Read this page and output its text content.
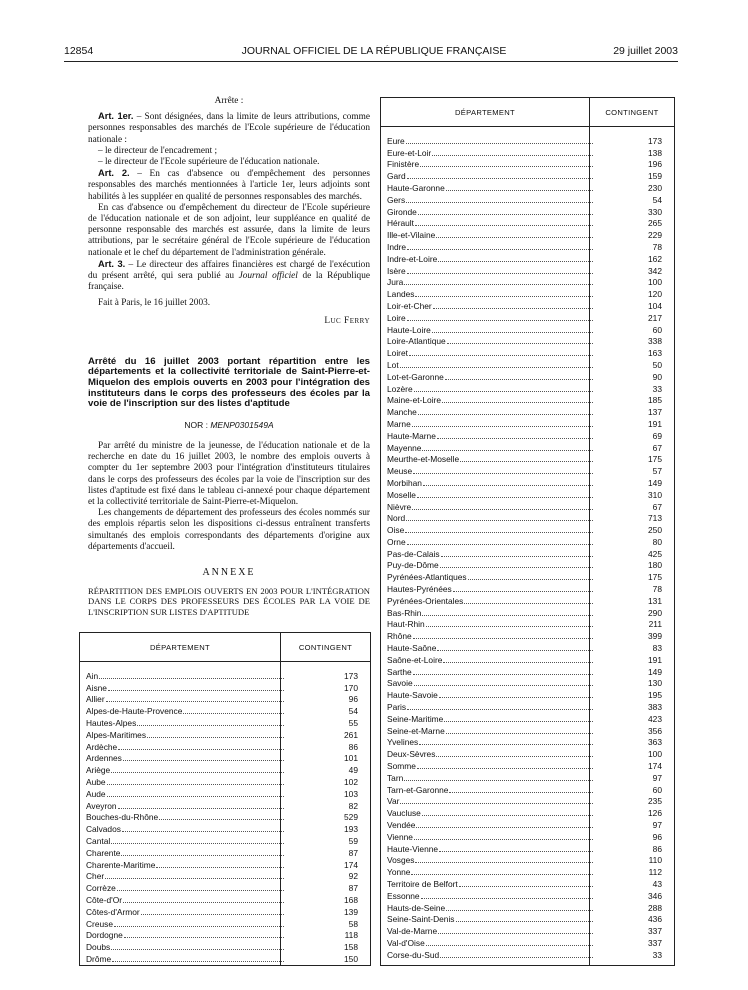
12854	JOURNAL OFFICIEL DE LA RÉPUBLIQUE FRANÇAISE	29 juillet 2003

Arrête :

Art. 1er. – Sont désignées, dans la limite de leurs attributions, comme personnes responsables des marchés de l'Ecole supérieure de l'éducation nationale :

– le directeur de l'encadrement ;

– le directeur de l'Ecole supérieure de l'éducation nationale.

Art. 2. – En cas d'absence ou d'empêchement des personnes responsables des marchés mentionnées à l'article 1er, leurs adjoints sont habilités à les suppléer en qualité de personnes responsables des marchés.

En cas d'absence ou d'empêchement du directeur de l'Ecole supérieure de l'éducation nationale et de son adjoint, leur suppléance en qualité de personne responsable des marchés est assurée, dans la limite de leurs attributions, par le secrétaire général de l'Ecole supérieure de l'éducation nationale et le chef du département de l'administration générale.

Art. 3. – Le directeur des affaires financières est chargé de l'exécution du présent arrêté, qui sera publié au Journal officiel de la République française.

Fait à Paris, le 16 juillet 2003.

Luc Ferry

Arrêté du 16 juillet 2003 portant répartition entre les départements et la collectivité territoriale de Saint-Pierre-et-Miquelon des emplois ouverts en 2003 pour l'intégration des instituteurs dans le corps des professeurs des écoles par la voie de l'inscription sur des listes d'aptitude
NOR : MENP0301549A

Par arrêté du ministre de la jeunesse, de l'éducation nationale et de la recherche en date du 16 juillet 2003, le nombre des emplois ouverts à compter du 1er septembre 2003 pour l'intégration d'instituteurs titulaires dans le corps des professeurs des écoles par la voie de l'inscription sur des listes d'aptitude est fixé dans le tableau ci-annexé pour chaque département et la collectivité territoriale de Saint-Pierre-et-Miquelon.

Les changements de département des professeurs des écoles nommés sur des emplois répartis selon les dispositions ci-dessus entraînent transferts simultanés des emplois correspondants des départements d'origine aux départements d'accueil.

ANNEXE
RÉPARTITION DES EMPLOIS OUVERTS EN 2003 POUR L'INTÉGRATION DANS LE CORPS DES PROFESSEURS DES ÉCOLES PAR LA VOIE DE L'INSCRIPTION SUR LISTES D'APTITUDE
DÉPARTEMENT	CONTINGENT
Ain	173
Aisne	170
Allier	96
Alpes-de-Haute-Provence	54
Hautes-Alpes	55
Alpes-Maritimes	261
Ardèche	86
Ardennes	101
Ariège	49
Aube	102
Aude	103
Aveyron	82
Bouches-du-Rhône	529
Calvados	193
Cantal	59
Charente	87
Charente-Maritime	174
Cher	92
Corrèze	87
Côte-d'Or	168
Côtes-d'Armor	139
Creuse	58
Dordogne	118
Doubs	158
Drôme	150
DÉPARTEMENT	CONTINGENT
Eure	173
Eure-et-Loir	138
Finistère	196
Gard	159
Haute-Garonne	230
Gers	54
Gironde	330
Hérault	265
Ille-et-Vilaine	229
Indre	78
Indre-et-Loire	162
Isère	342
Jura	100
Landes	120
Loir-et-Cher	104
Loire	217
Haute-Loire	60
Loire-Atlantique	338
Loiret	163
Lot	50
Lot-et-Garonne	90
Lozère	33
Maine-et-Loire	185
Manche	137
Marne	191
Haute-Marne	69
Mayenne	67
Meurthe-et-Moselle	175
Meuse	57
Morbihan	149
Moselle	310
Nièvre	67
Nord	713
Oise	250
Orne	80
Pas-de-Calais	425
Puy-de-Dôme	180
Pyrénées-Atlantiques	175
Hautes-Pyrénées	78
Pyrénées-Orientales	131
Bas-Rhin	290
Haut-Rhin	211
Rhône	399
Haute-Saône	83
Saône-et-Loire	191
Sarthe	149
Savoie	130
Haute-Savoie	195
Paris	383
Seine-Maritime	423
Seine-et-Marne	356
Yvelines	363
Deux-Sèvres	100
Somme	174
Tarn	97
Tarn-et-Garonne	60
Var	235
Vaucluse	126
Vendée	97
Vienne	96
Haute-Vienne	86
Vosges	110
Yonne	112
Territoire de Belfort	43
Essonne	346
Hauts-de-Seine	288
Seine-Saint-Denis	436
Val-de-Marne	337
Val-d'Oise	337
Corse-du-Sud	33
